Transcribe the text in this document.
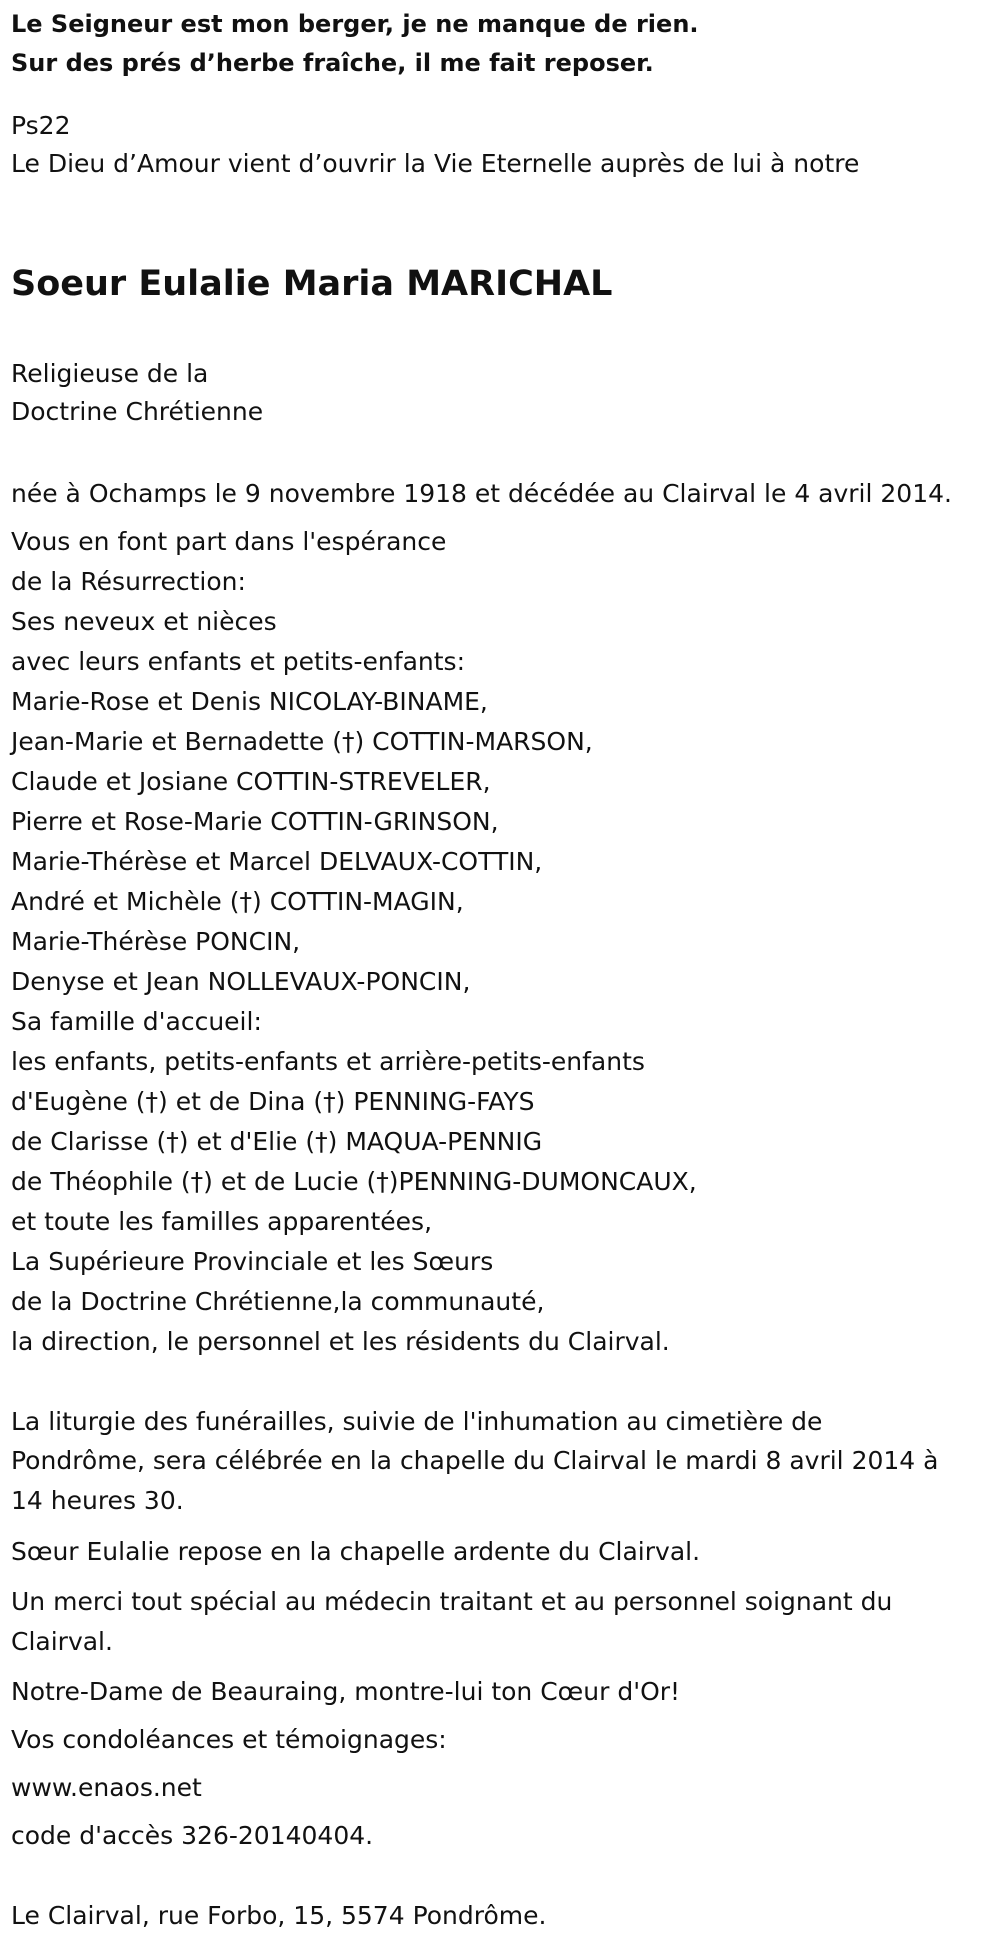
Le Seigneur est mon berger, je ne manque de rien.
Sur des prés d’herbe fraîche, il me fait reposer.
Ps22
Le Dieu d’Amour vient d’ouvrir la Vie Eternelle auprès de lui à notre
Soeur Eulalie Maria MARICHAL
Religieuse de la
Doctrine Chrétienne
née à Ochamps le 9 novembre 1918 et décédée au Clairval le 4 avril 2014.
Vous en font part dans l'espérance
de la Résurrection:
Ses neveux et nièces
avec leurs enfants et petits-enfants:
Marie-Rose et Denis NICOLAY-BINAME,
Jean-Marie et Bernadette (†) COTTIN-MARSON,
Claude et Josiane COTTIN-STREVELER,
Pierre et Rose-Marie COTTIN-GRINSON,
Marie-Thérèse et Marcel DELVAUX-COTTIN,
André et Michèle (†) COTTIN-MAGIN,
Marie-Thérèse PONCIN,
Denyse et Jean NOLLEVAUX-PONCIN,
Sa famille d'accueil:
les enfants, petits-enfants et arrière-petits-enfants
d'Eugène (†) et de Dina (†) PENNING-FAYS
de Clarisse (†) et d'Elie (†) MAQUA-PENNIG
de Théophile (†) et de Lucie (†)PENNING-DUMONCAUX,
et toute les familles apparentées,
La Supérieure Provinciale et les Sœurs
de la Doctrine Chrétienne,la communauté,
la direction, le personnel et les résidents du Clairval.
La liturgie des funérailles, suivie de l'inhumation au cimetière de
Pondrôme, sera célébrée en la chapelle du Clairval le mardi 8 avril 2014 à
14 heures 30.
Sœur Eulalie repose en la chapelle ardente du Clairval.
Un merci tout spécial au médecin traitant et au personnel soignant du
Clairval.
Notre-Dame de Beauraing, montre-lui ton Cœur d'Or!
Vos condoléances et témoignages:
www.enaos.net
code d'accès 326-20140404.
Le Clairval, rue Forbo, 15, 5574 Pondrôme.
